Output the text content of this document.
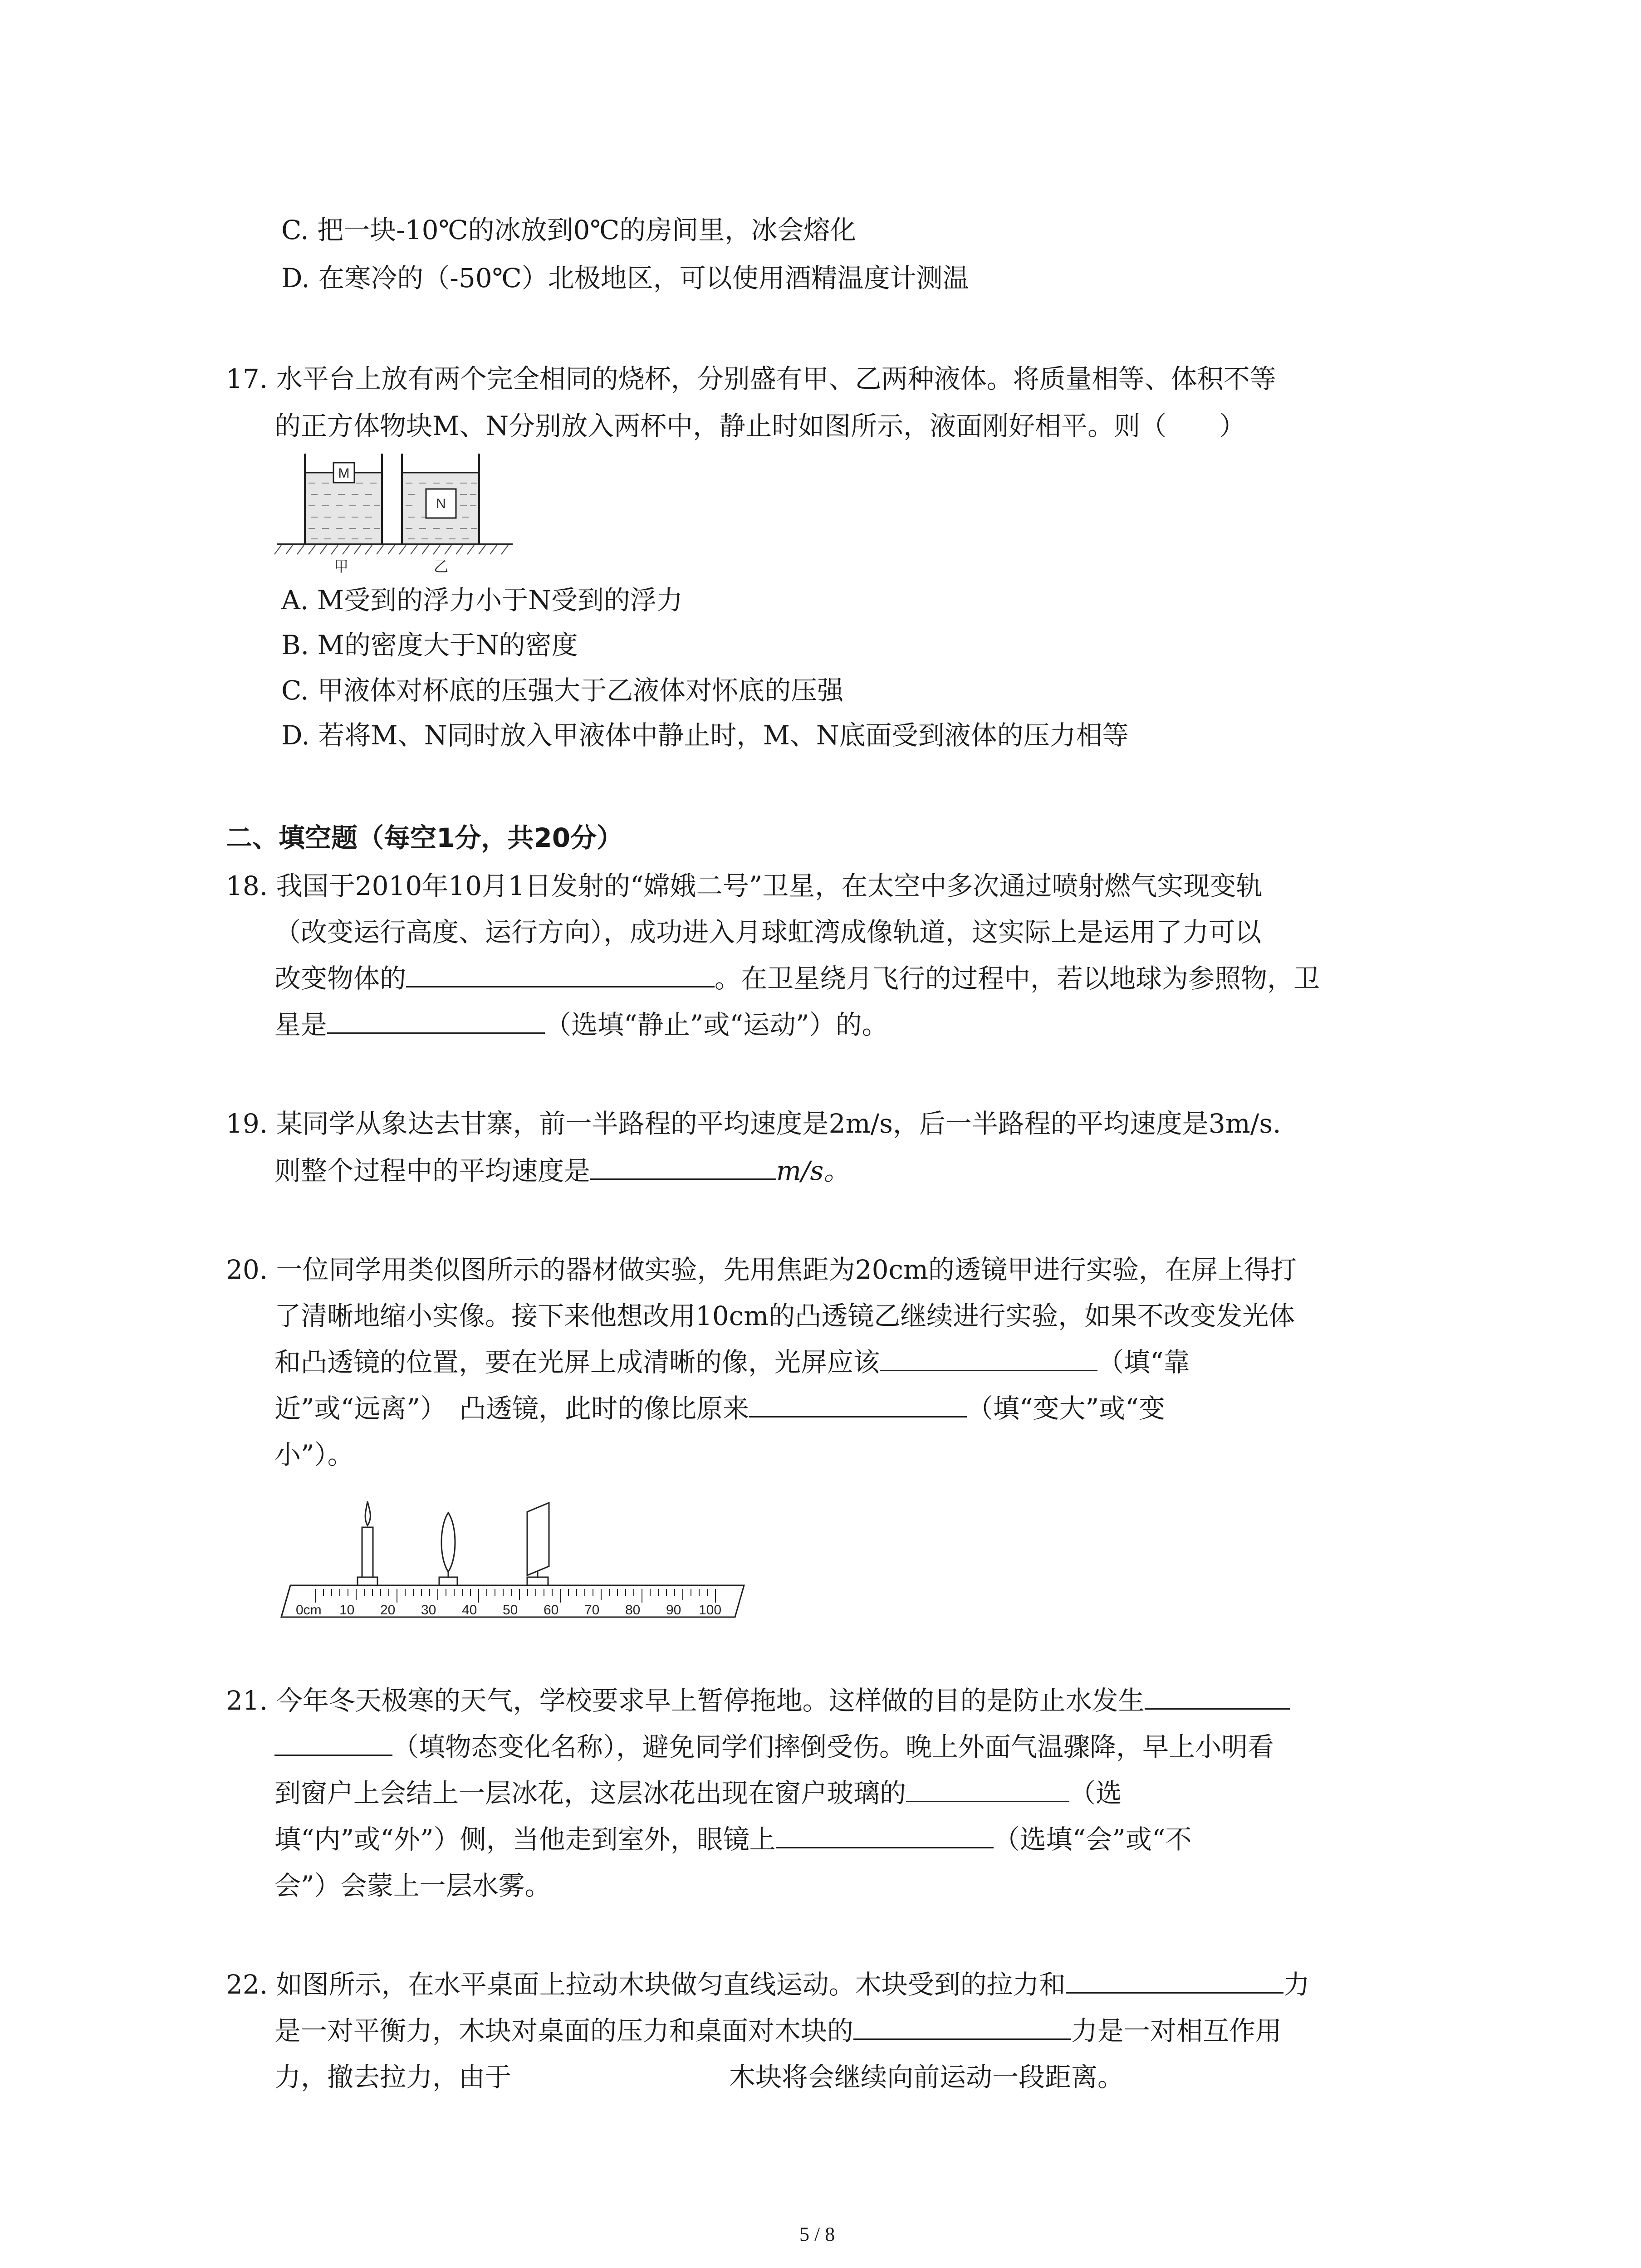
C. 把一块-10℃的冰放到0℃的房间里，冰会熔化
D. 在寒冷的（-50℃）北极地区，可以使用酒精温度计测温
17. 水平台上放有两个完全相同的烧杯，分别盛有甲、乙两种液体。将质量相等、体积不等
的正方体物块M、N分别放入两杯中，静止时如图所示，液面刚好相平。则（　　）
M
N
甲	乙
A. M受到的浮力小于N受到的浮力
B. M的密度大于N的密度
C. 甲液体对杯底的压强大于乙液体对怀底的压强
D. 若将M、N同时放入甲液体中静止时，M、N底面受到液体的压力相等
二、填空题（每空1分，共20分）
18. 我国于2010年10月1日发射的“嫦娥二号”卫星，在太空中多次通过喷射燃气实现变轨
（改变运行高度、运行方向），成功进入月球虹湾成像轨道，这实际上是运用了力可以
改变物体的	。在卫星绕月飞行的过程中，若以地球为参照物，卫
星是	（选填“静止”或“运动”）的。
19. 某同学从象达去甘寨，前一半路程的平均速度是2m/s，后一半路程的平均速度是3m/s.
则整个过程中的平均速度是	m/s。
20. 一位同学用类似图所示的器材做实验，先用焦距为20cm的透镜甲进行实验，在屏上得打
了清晰地缩小实像。接下来他想改用10cm的凸透镜乙继续进行实验，如果不改变发光体
和凸透镜的位置，要在光屏上成清晰的像，光屏应该	（填“靠
近”或“远离”）　凸透镜，此时的像比原来	（填“变大”或“变
小”）。
0cm 10 20 30 40 50 60 70 80 90 100
21. 今年冬天极寒的天气，学校要求早上暂停拖地。这样做的目的是防止水发生
（填物态变化名称），避免同学们摔倒受伤。晚上外面气温骤降，早上小明看
到窗户上会结上一层冰花，这层冰花出现在窗户玻璃的	（选
填“内”或“外”）侧，当他走到室外，眼镜上	（选填“会”或“不
会”）会蒙上一层水雾。
22. 如图所示，在水平桌面上拉动木块做匀直线运动。木块受到的拉力和	力
是一对平衡力，木块对桌面的压力和桌面对木块的	力是一对相互作用
力，撤去拉力，由于	木块将会继续向前运动一段距离。
5 / 8
